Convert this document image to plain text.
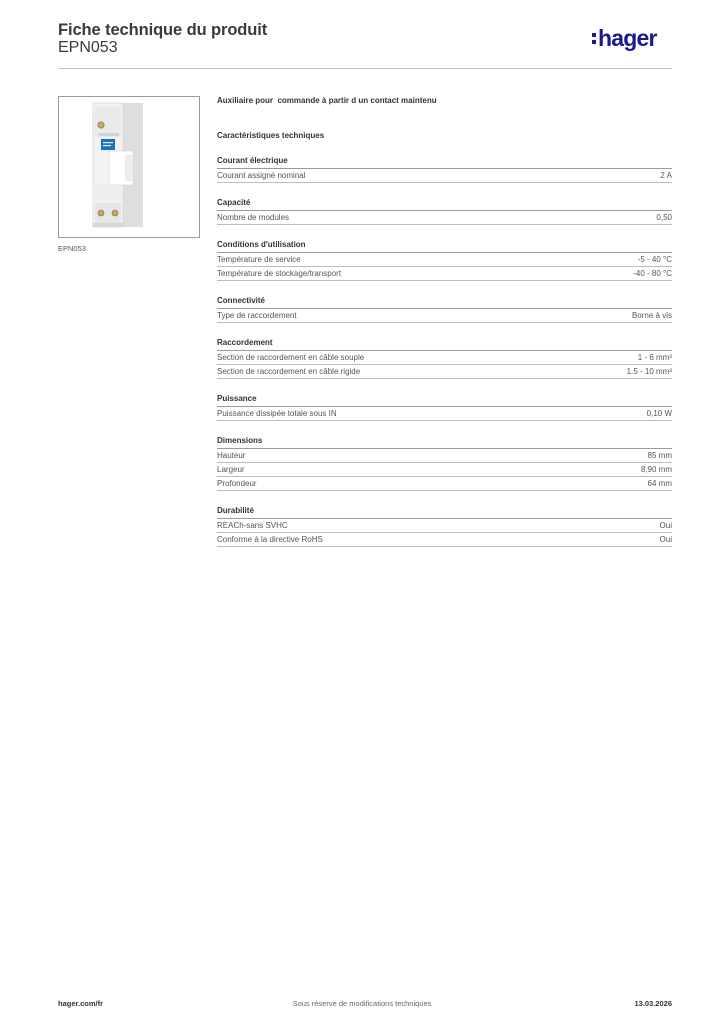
Fiche technique du produit
EPN053	hager
EPN053
Auxiliaire pour  commande à partir d un contact maintenu
Caractéristiques techniques
Courant électrique
Courant assigné nominal	2 A
Capacité
Nombre de modules	0,50
Conditions d'utilisation
Température de service	-5 - 40 °C
Température de stockage/transport	-40 - 80 °C
Connectivité
Type de raccordement	Borne à vis
Raccordement
Section de raccordement en câble souple	1 - 6 mm²
Section de raccordement en câble rigide	1.5 - 10 mm²
Puissance
Puissance dissipée totale sous IN	0,10 W
Dimensions
Hauteur	85 mm
Largeur	8,90 mm
Profondeur	64 mm
Durabilité
REACh-sans SVHC	Oui
Conforme à la directive RoHS	Oui
hager.com/fr	Sous réserve de modifications techniques	13.03.2026
